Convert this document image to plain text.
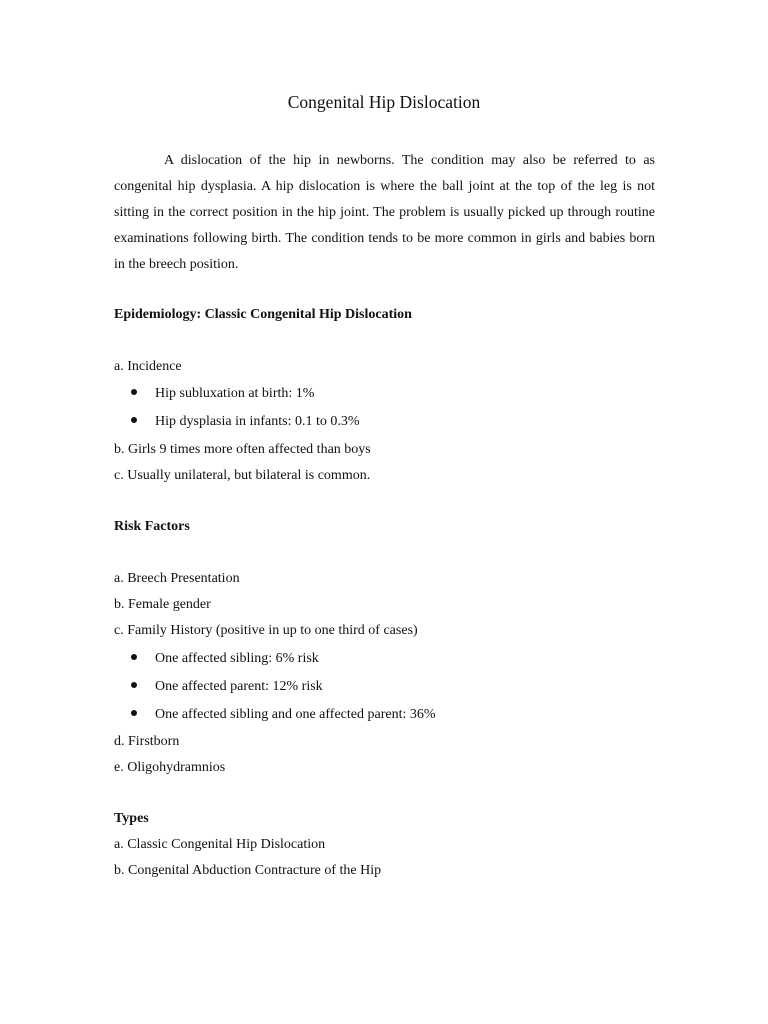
Congenital Hip Dislocation

A dislocation of the hip in newborns. The condition may also be referred to as congenital hip dysplasia. A hip dislocation is where the ball joint at the top of the leg is not sitting in the correct position in the hip joint. The problem is usually picked up through routine examinations following birth. The condition tends to be more common in girls and babies born in the breech position.

Epidemiology: Classic Congenital Hip Dislocation

a. Incidence

Hip subluxation at birth: 1%

Hip dysplasia in infants: 0.1 to 0.3%

b. Girls 9 times more often affected than boys

c. Usually unilateral, but bilateral is common.

Risk Factors

a. Breech Presentation

b. Female gender

c. Family History (positive in up to one third of cases)

One affected sibling: 6% risk

One affected parent: 12% risk

One affected sibling and one affected parent: 36%

d. Firstborn

e. Oligohydramnios

Types

a. Classic Congenital Hip Dislocation

b. Congenital Abduction Contracture of the Hip
